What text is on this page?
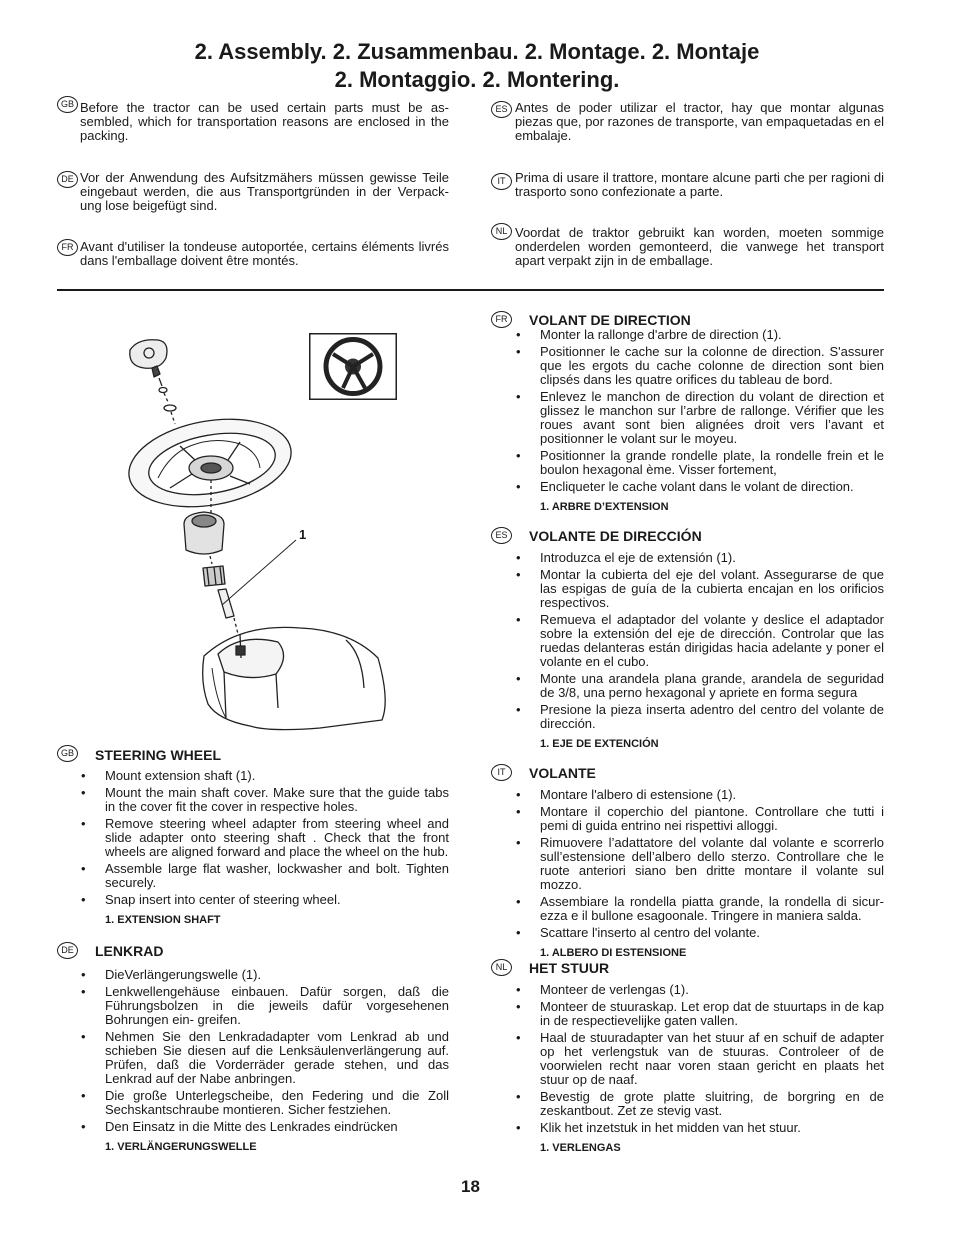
2. Assembly. 2. Zusammenbau. 2. Montage. 2. Montaje
2. Montaggio. 2. Montering.
GB Before the tractor can be used certain parts must be as-sembled, which for transportation reasons are enclosed in the packing.
DE Vor der Anwendung des Aufsitzmähers müssen gewisse Teile eingebaut werden, die aus Transportgründen in der Verpack-ung lose beigefügt sind.
FR Avant d'utiliser la tondeuse autoportée, certains éléments livrés dans l'emballage doivent être montés.
ES Antes de poder utilizar el tractor, hay que montar algunas piezas que, por razones de transporte, van empaquetadas en el embalaje.
IT Prima di usare il trattore, montare alcune parti che per ragioni di trasporto sono confezionate a parte.
NL Voordat de traktor gebruikt kan worden, moeten sommige onderdelen worden gemonteerd, die vanwege het transport apart verpakt zijn in de emballage.
1
GB STEERING WHEEL
• Mount extension shaft (1).
• Mount the main shaft cover. Make sure that the guide tabs in the cover fit the cover in respective holes.
• Remove steering wheel adapter from steering wheel and slide adapter onto steering shaft . Check that the front wheels are aligned forward and place the wheel on the hub.
• Assemble large flat washer, lockwasher and bolt. Tighten securely.
• Snap insert into center of steering wheel.
1. EXTENSION SHAFT
DE	LENKRAD
• DieVerlängerungswelle (1).
• Lenkwellengehäuse einbauen. Dafür sorgen, daß die Führungsbolzen in die jeweils dafür vorgesehenen Bohrungen ein- greifen.
• Nehmen Sie den Lenkradadapter vom Lenkrad ab und schieben Sie diesen auf die Lenksäulenverlängerung auf. Prüfen, daß die Vorderräder gerade stehen, und das Lenkrad auf der Nabe anbringen.
• Die große Unterlegscheibe, den Federing und die Zoll Sechskantschraube montieren. Sicher festziehen.
• Den Einsatz in die Mitte des Lenkrades eindrücken
1. VERLÄNGERUNGSWELLE
FR	VOLANT DE DIRECTION
• Monter la rallonge d'arbre de direction (1).
• Positionner le cache sur la colonne de direction. S'assurer que les ergots du cache colonne de direction sont bien clipsés dans les quatre orifices du tableau de bord.
• Enlevez le manchon de direction du volant de direction et glissez le manchon sur l’arbre de rallonge. Vérifier que les roues avant sont bien alignées droit vers l’avant et positionner le volant sur le moyeu.
• Positionner la grande rondelle plate, la rondelle frein et le boulon hexagonal ème. Visser fortement,
• Encliqueter le cache volant dans le volant de direction.
1. ARBRE D’EXTENSION
ES	VOLANTE DE DIRECCIÓN
• Introduzca el eje de extensión (1).
• Montar la cubierta del eje del volant. Assegurarse de que las espigas de guía de la cubierta encajan en los orificios respectivos.
• Remueva el adaptador del volante y deslice el adaptador sobre la extensión del eje de dirección. Controlar que las ruedas delanteras están dirigidas hacia adelante y poner el volante en el cubo.
• Monte una arandela plana grande, arandela de seguridad de 3/8, una perno hexagonal y apriete en forma segura
• Presione la pieza inserta adentro del centro del volante de dirección.
1. EJE DE EXTENCIÓN
IT	VOLANTE
• Montare l'albero di estensione (1).
• Montare il coperchio del piantone. Controllare che tutti i pemi di guida entrino nei rispettivi alloggi.
• Rimuovere l’adattatore del volante dal volante e scorrerlo sull’estensione dell’albero dello sterzo. Controllare che le ruote anteriori siano ben dritte montare il volante sul mozzo.
• Assembiare la rondella piatta grande, la rondella di sicur-ezza e il bullone esagoonale. Tringere in maniera salda.
• Scattare l'inserto al centro del volante.
1. ALBERO DI ESTENSIONE
NL	HET STUUR
• Monteer de verlengas (1).
• Monteer de stuuraskap. Let erop dat de stuurtaps in de kap in de respectievelijke gaten vallen.
• Haal de stuuradapter van het stuur af en schuif de adapter op het verlengstuk van de stuuras. Controleer of de voorwielen recht naar voren staan gericht en plaats het stuur op de naaf.
• Bevestig de grote platte sluitring, de borgring en de zeskantbout. Zet ze stevig vast.
• Klik het inzetstuk in het midden van het stuur.
1. VERLENGAS
18
